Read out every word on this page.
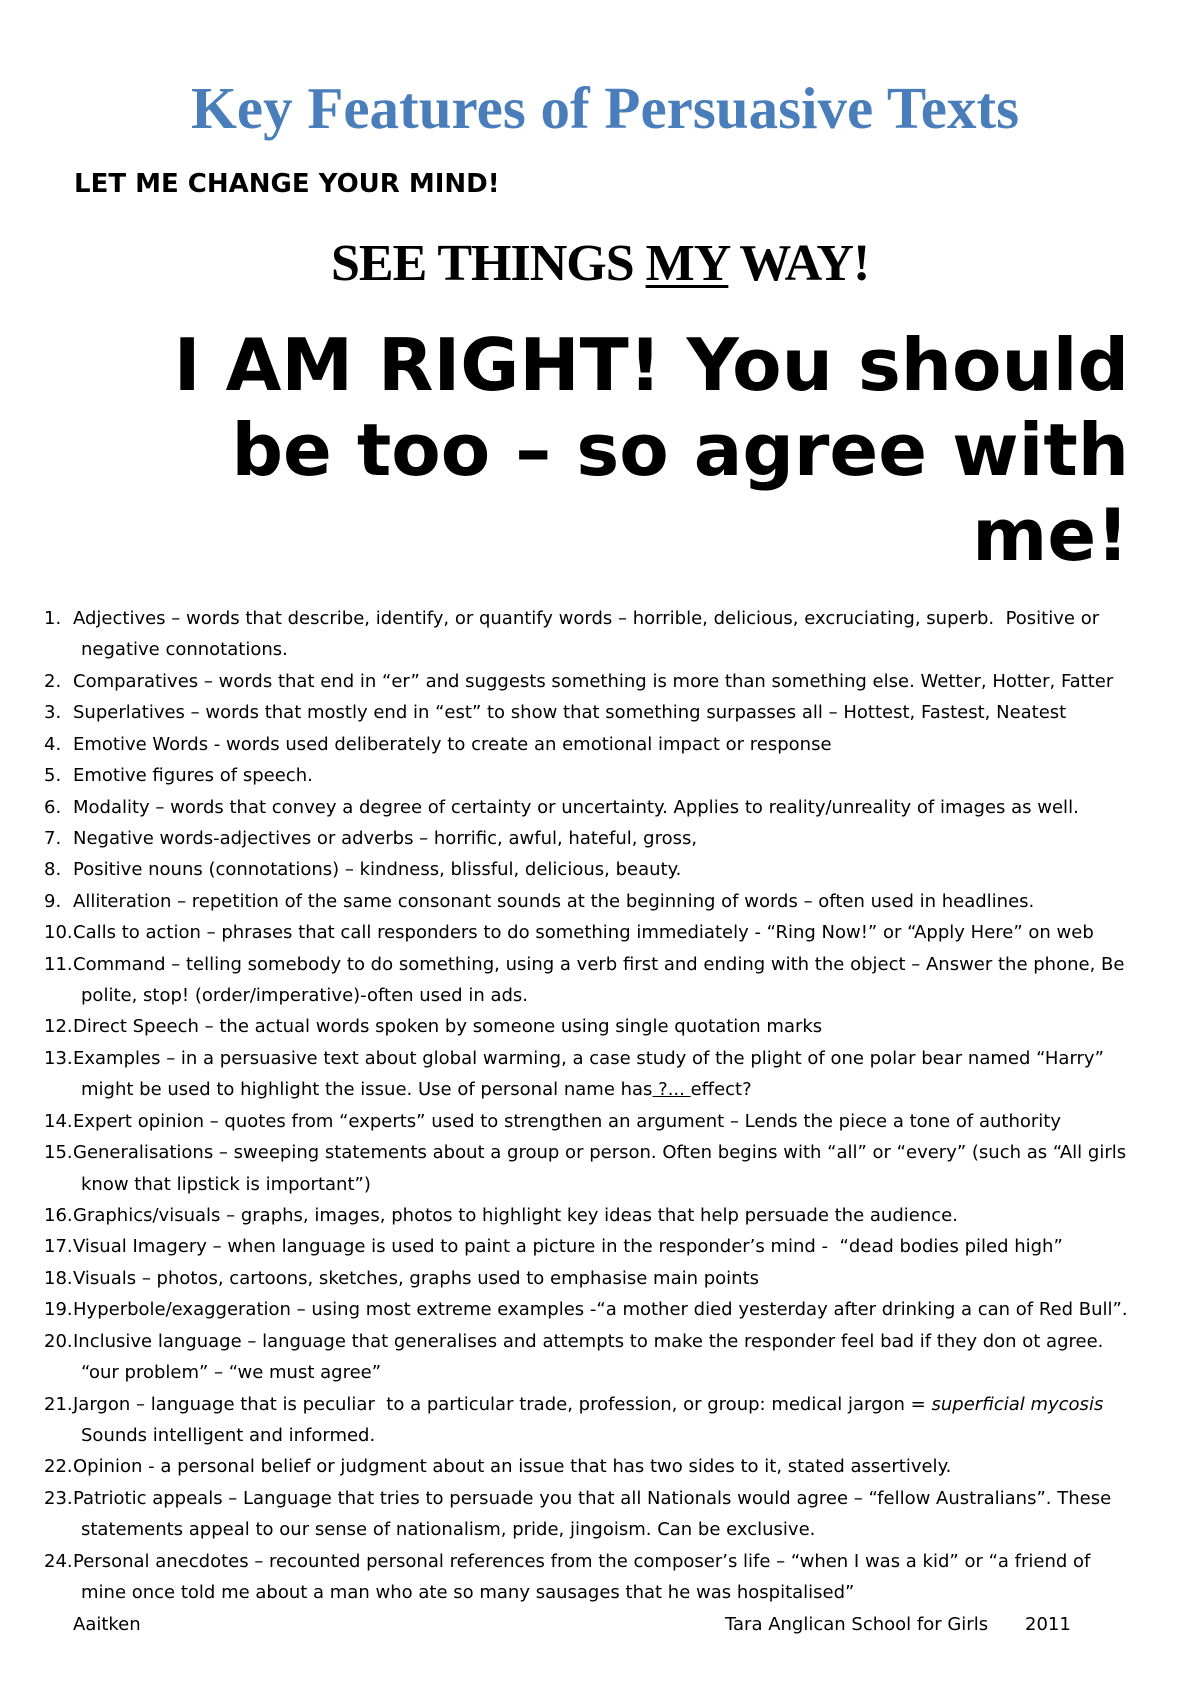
Key Features of Persuasive Texts
LET ME CHANGE YOUR MIND!
SEE THINGS MY WAY!
I AM RIGHT! You should
be too – so agree with
me!
1. Adjectives – words that describe, identify, or quantify words – horrible, delicious, excruciating, superb.  Positive or
negative connotations.
2. Comparatives – words that end in “er” and suggests something is more than something else. Wetter, Hotter, Fatter
3. Superlatives – words that mostly end in “est” to show that something surpasses all – Hottest, Fastest, Neatest
4. Emotive Words - words used deliberately to create an emotional impact or response
5. Emotive figures of speech.
6. Modality – words that convey a degree of certainty or uncertainty. Applies to reality/unreality of images as well.
7. Negative words-adjectives or adverbs – horrific, awful, hateful, gross,
8. Positive nouns (connotations) – kindness, blissful, delicious, beauty.
9. Alliteration – repetition of the same consonant sounds at the beginning of words – often used in headlines.
10. Calls to action – phrases that call responders to do something immediately - “Ring Now!” or “Apply Here” on web
11. Command – telling somebody to do something, using a verb first and ending with the object – Answer the phone, Be
polite, stop! (order/imperative)-often used in ads.
12. Direct Speech – the actual words spoken by someone using single quotation marks
13. Examples – in a persuasive text about global warming, a case study of the plight of one polar bear named “Harry”
might be used to highlight the issue. Use of personal name has ?... effect?
14. Expert opinion – quotes from “experts” used to strengthen an argument – Lends the piece a tone of authority
15. Generalisations – sweeping statements about a group or person. Often begins with “all” or “every” (such as “All girls
know that lipstick is important”)
16. Graphics/visuals – graphs, images, photos to highlight key ideas that help persuade the audience.
17. Visual Imagery – when language is used to paint a picture in the responder’s mind -  “dead bodies piled high”
18. Visuals – photos, cartoons, sketches, graphs used to emphasise main points
19. Hyperbole/exaggeration – using most extreme examples -“a mother died yesterday after drinking a can of Red Bull”.
20. Inclusive language – language that generalises and attempts to make the responder feel bad if they don ot agree.
“our problem” – “we must agree”
21. Jargon – language that is peculiar  to a particular trade, profession, or group: medical jargon = superficial mycosis
Sounds intelligent and informed.
22. Opinion - a personal belief or judgment about an issue that has two sides to it, stated assertively.
23. Patriotic appeals – Language that tries to persuade you that all Nationals would agree – “fellow Australians”. These
statements appeal to our sense of nationalism, pride, jingoism. Can be exclusive.
24. Personal anecdotes – recounted personal references from the composer’s life – “when I was a kid” or “a friend of
mine once told me about a man who ate so many sausages that he was hospitalised”
Aaitken	Tara Anglican School for Girls 2011
